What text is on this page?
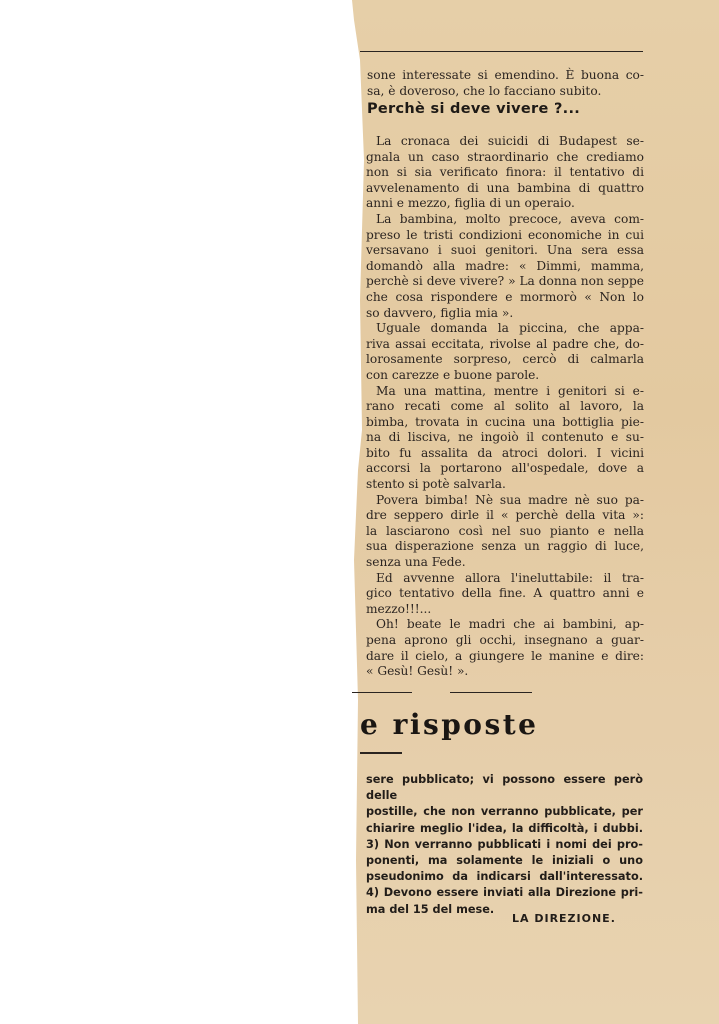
sone interessate si emendino. È buona co-
sa, è doveroso, che lo facciano subito.
Perchè si deve vivere ?...
La cronaca dei suicidi di Budapest se-
gnala un caso straordinario che crediamo
non si sia verificato finora: il tentativo di
avvelenamento di una bambina di quattro
anni e mezzo, figlia di un operaio.
La bambina, molto precoce, aveva com-
preso le tristi condizioni economiche in cui
versavano i suoi genitori. Una sera essa
domandò alla madre: « Dimmi, mamma,
perchè si deve vivere? » La donna non seppe
che cosa rispondere e mormorò « Non lo
so davvero, figlia mia ».
Uguale domanda la piccina, che appa-
riva assai eccitata, rivolse al padre che, do-
lorosamente sorpreso, cercò di calmarla
con carezze e buone parole.
Ma una mattina, mentre i genitori si e-
rano recati come al solito al lavoro, la
bimba, trovata in cucina una bottiglia pie-
na di lisciva, ne ingoiò il contenuto e su-
bito fu assalita da atroci dolori. I vicini
accorsi la portarono all'ospedale, dove a
stento si potè salvarla.
Povera bimba! Nè sua madre nè suo pa-
dre seppero dirle il « perchè della vita »:
la lasciarono così nel suo pianto e nella
sua disperazione senza un raggio di luce,
senza una Fede.
Ed avvenne allora l'ineluttabile: il tra-
gico tentativo della fine. A quattro anni e
mezzo!!!...
Oh! beate le madri che ai bambini, ap-
pena aprono gli occhi, insegnano a guar-
dare il cielo, a giungere le manine e dire:
« Gesù! Gesù! ».
e risposte
sere pubblicato; vi possono essere però delle
postille, che non verranno pubblicate, per
chiarire meglio l'idea, la difficoltà, i dubbi.
3) Non verranno pubblicati i nomi dei pro-
ponenti, ma solamente le iniziali o uno
pseudonimo da indicarsi dall'interessato.
4) Devono essere inviati alla Direzione pri-
ma del 15 del mese.
LA DIREZIONE.
